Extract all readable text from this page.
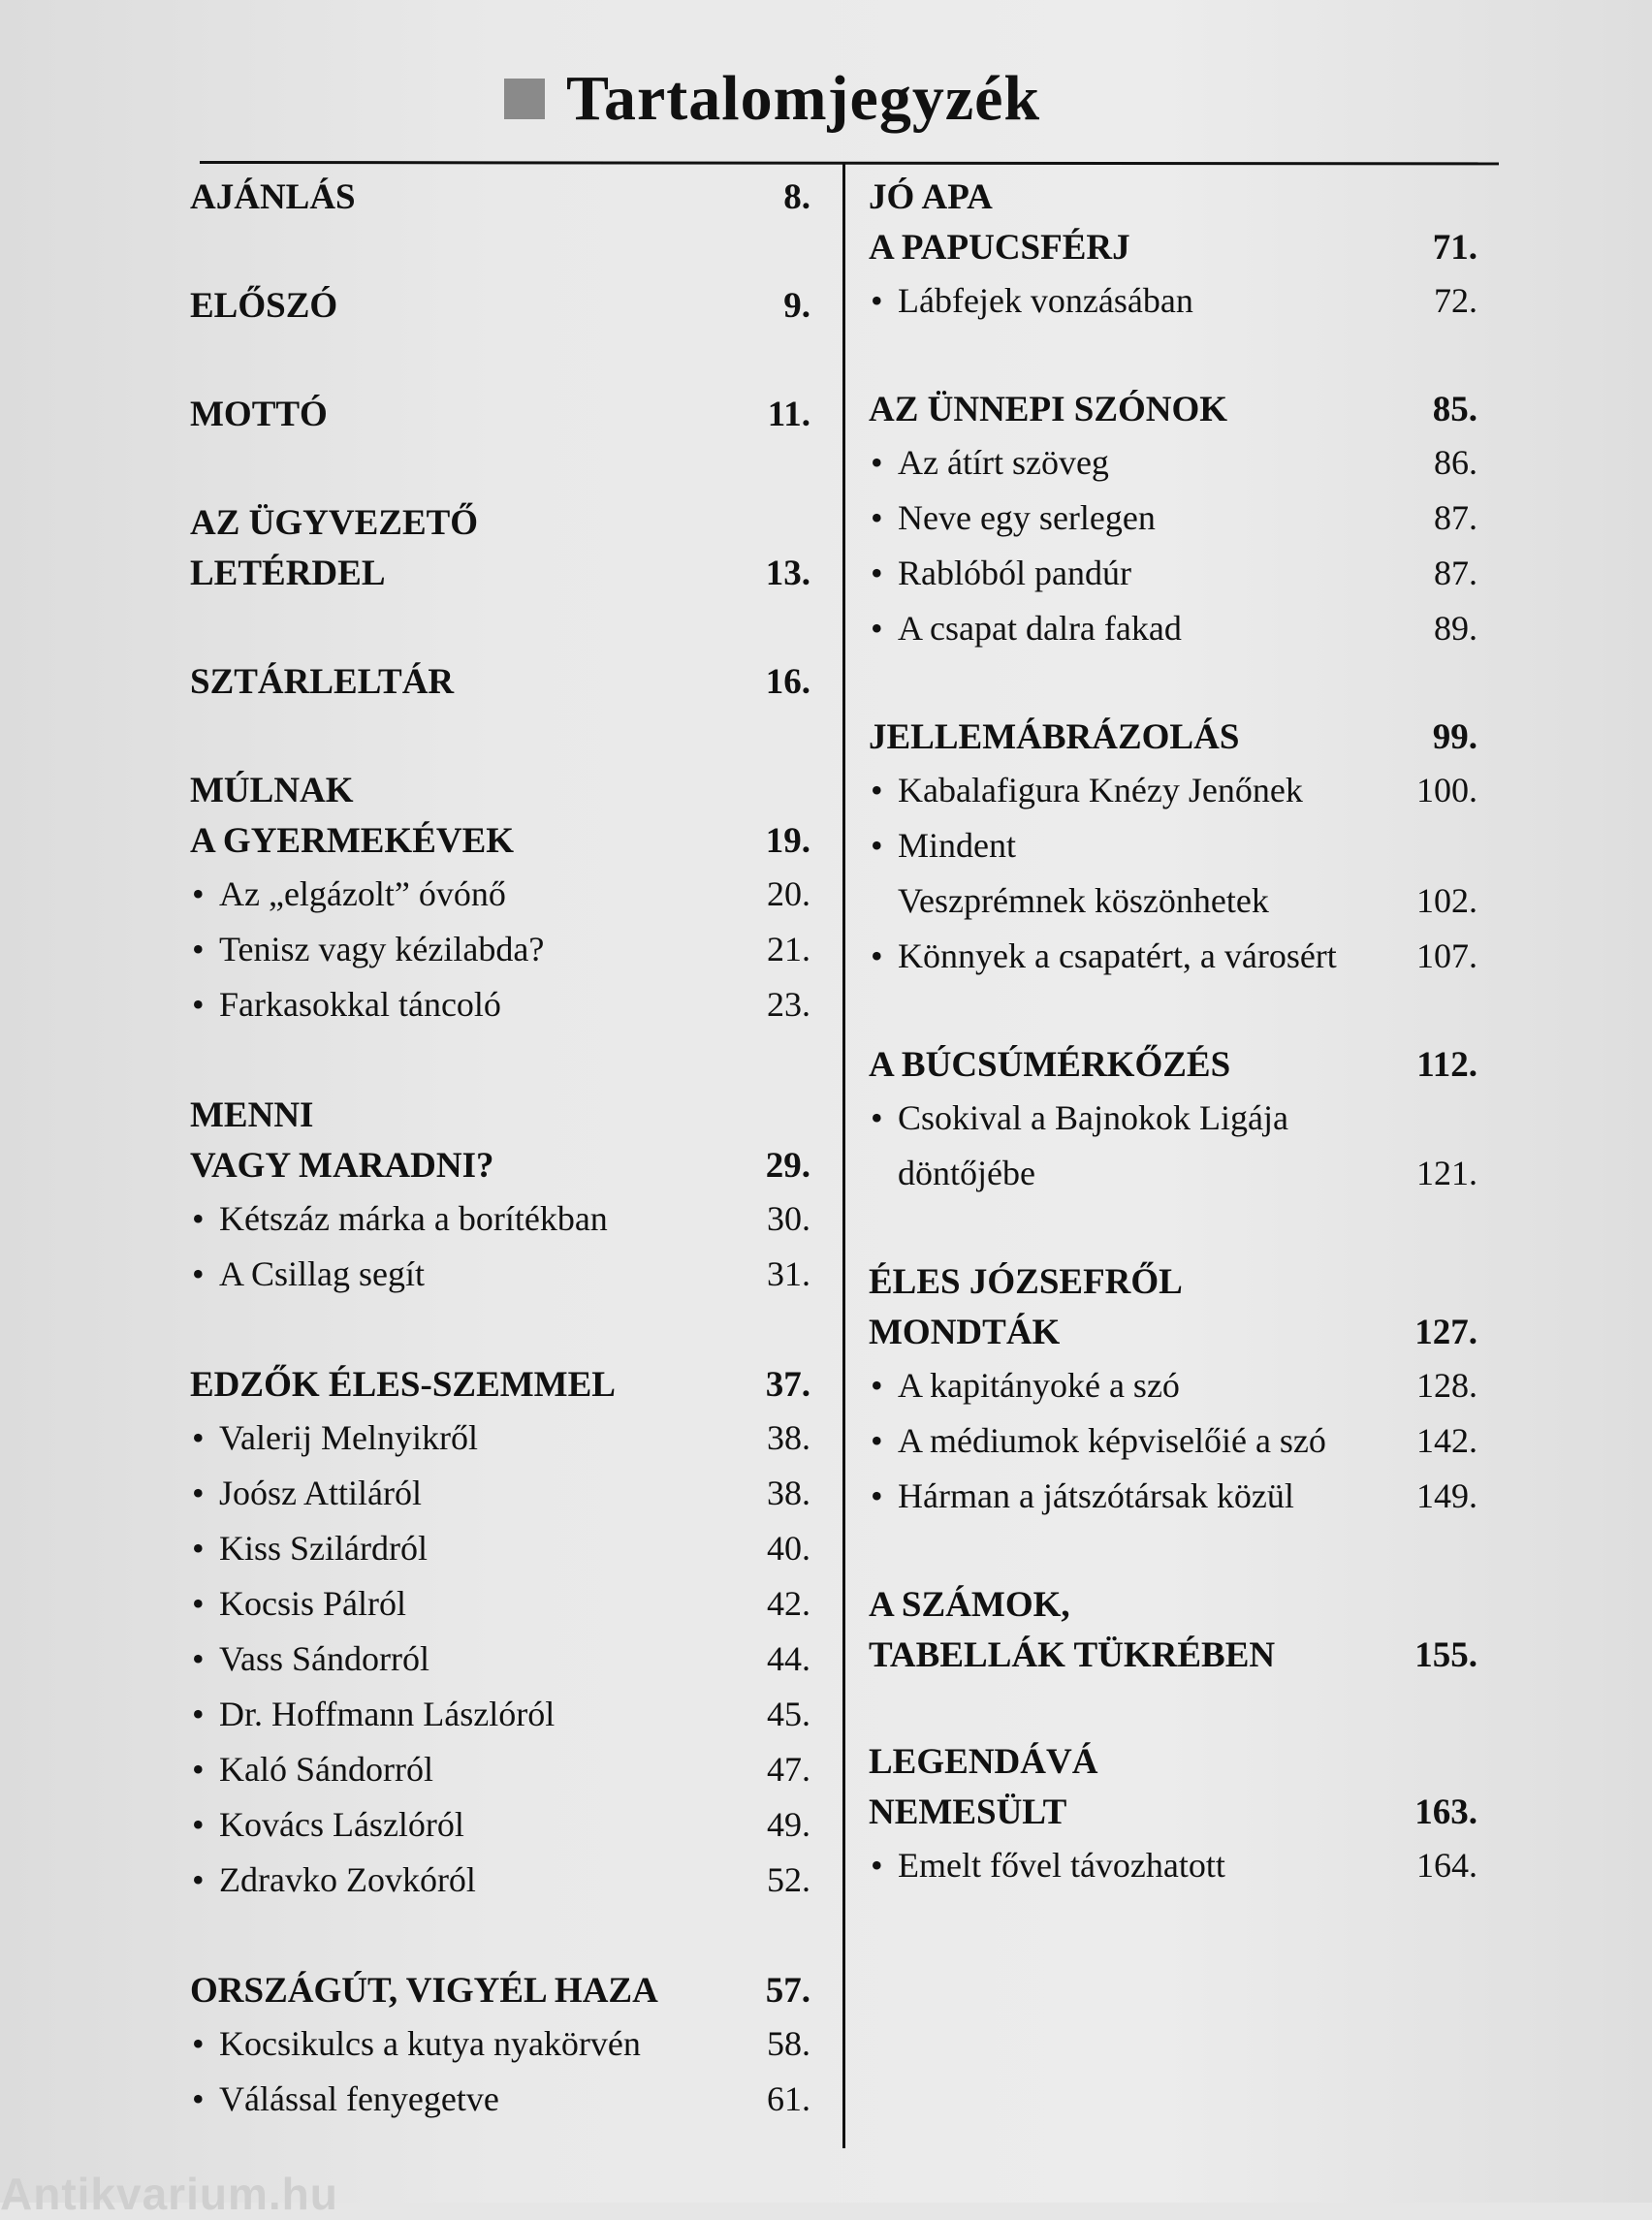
Tartalomjegyzék
AJÁNLÁS	8.
ELŐSZÓ	9.
MOTTÓ	11.
AZ ÜGYVEZETŐ
LETÉRDEL	13.
SZTÁRLELTÁR	16.
MÚLNAK
A GYERMEKÉVEK	19.
• Az „elgázolt” óvónő	20.
• Tenisz vagy kézilabda?	21.
• Farkasokkal táncoló	23.
MENNI
VAGY MARADNI?	29.
• Kétszáz márka a borítékban	30.
• A Csillag segít	31.
EDZŐK ÉLES-SZEMMEL	37.
• Valerij Melnyikről	38.
• Joósz Attiláról	38.
• Kiss Szilárdról	40.
• Kocsis Pálról	42.
• Vass Sándorról	44.
• Dr. Hoffmann Lászlóról	45.
• Kaló Sándorról	47.
• Kovács Lászlóról	49.
• Zdravko Zovkóról	52.
ORSZÁGÚT, VIGYÉL HAZA	57.
• Kocsikulcs a kutya nyakörvén	58.
• Válással fenyegetve	61.
JÓ APA
A PAPUCSFÉRJ	71.
• Lábfejek vonzásában	72.
AZ ÜNNEPI SZÓNOK	85.
• Az átírt szöveg	86.
• Neve egy serlegen	87.
• Rablóból pandúr	87.
• A csapat dalra fakad	89.
JELLEMÁBRÁZOLÁS	99.
• Kabalafigura Knézy Jenőnek	100.
• Mindent
Veszprémnek köszönhetek	102.
• Könnyek a csapatért, a városért 107.
A BÚCSÚMÉRKŐZÉS	112.
• Csokival a Bajnokok Ligája
döntőjébe	121.
ÉLES JÓZSEFRŐL
MONDTÁK	127.
• A kapitányoké a szó	128.
• A médiumok képviselőié a szó	142.
• Hárman a játszótársak közül	149.
A SZÁMOK,
TABELLÁK TÜKRÉBEN	155.
LEGENDÁVÁ
NEMESÜLT	163.
• Emelt fővel távozhatott	164.
Antikvarium.hu
